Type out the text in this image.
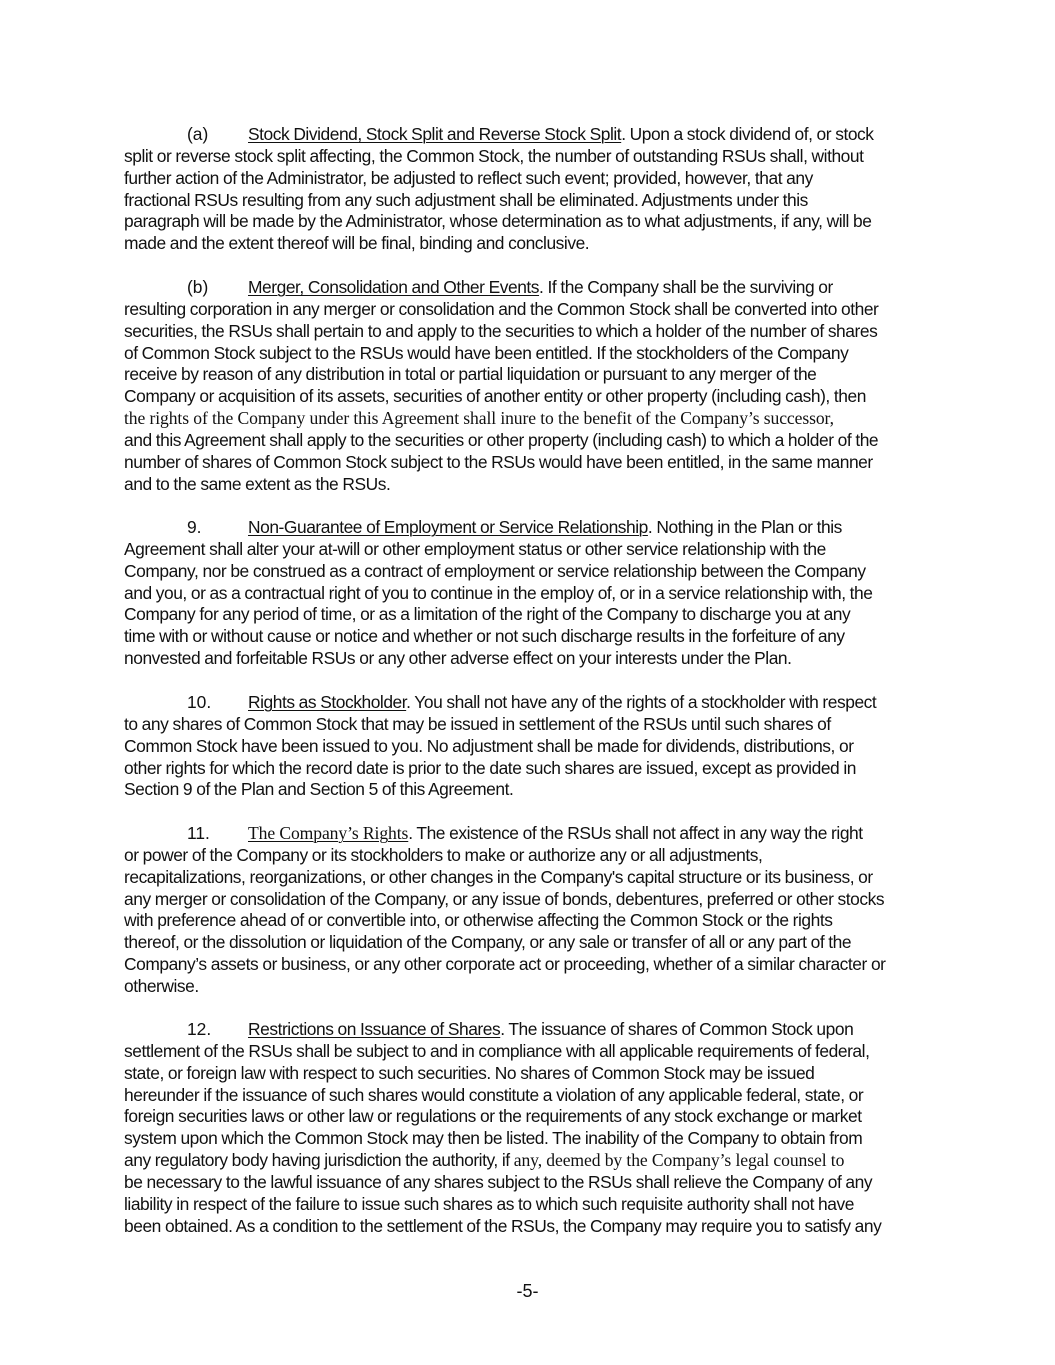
(a) Stock Dividend, Stock Split and Reverse Stock Split. Upon a stock dividend of, or stock
split or reverse stock split affecting, the Common Stock, the number of outstanding RSUs shall, without
further action of the Administrator, be adjusted to reflect such event; provided, however, that any
fractional RSUs resulting from any such adjustment shall be eliminated. Adjustments under this
paragraph will be made by the Administrator, whose determination as to what adjustments, if any, will be
made and the extent thereof will be final, binding and conclusive.
(b) Merger, Consolidation and Other Events. If the Company shall be the surviving or
resulting corporation in any merger or consolidation and the Common Stock shall be converted into other
securities, the RSUs shall pertain to and apply to the securities to which a holder of the number of shares
of Common Stock subject to the RSUs would have been entitled. If the stockholders of the Company
receive by reason of any distribution in total or partial liquidation or pursuant to any merger of the
Company or acquisition of its assets, securities of another entity or other property (including cash), then
the rights of the Company under this Agreement shall inure to the benefit of the Company’s successor,
and this Agreement shall apply to the securities or other property (including cash) to which a holder of the
number of shares of Common Stock subject to the RSUs would have been entitled, in the same manner
and to the same extent as the RSUs.
9.	Non-Guarantee of Employment or Service Relationship. Nothing in the Plan or this
Agreement shall alter your at-will or other employment status or other service relationship with the
Company, nor be construed as a contract of employment or service relationship between the Company
and you, or as a contractual right of you to continue in the employ of, or in a service relationship with, the
Company for any period of time, or as a limitation of the right of the Company to discharge you at any
time with or without cause or notice and whether or not such discharge results in the forfeiture of any
nonvested and forfeitable RSUs or any other adverse effect on your interests under the Plan.
10. Rights as Stockholder. You shall not have any of the rights of a stockholder with respect
to any shares of Common Stock that may be issued in settlement of the RSUs until such shares of
Common Stock have been issued to you. No adjustment shall be made for dividends, distributions, or
other rights for which the record date is prior to the date such shares are issued, except as provided in
Section 9 of the Plan and Section 5 of this Agreement.
11. The Company’s Rights. The existence of the RSUs shall not affect in any way the right
or power of the Company or its stockholders to make or authorize any or all adjustments,
recapitalizations, reorganizations, or other changes in the Company's capital structure or its business, or
any merger or consolidation of the Company, or any issue of bonds, debentures, preferred or other stocks
with preference ahead of or convertible into, or otherwise affecting the Common Stock or the rights
thereof, or the dissolution or liquidation of the Company, or any sale or transfer of all or any part of the
Company’s assets or business, or any other corporate act or proceeding, whether of a similar character or
otherwise.
12. Restrictions on Issuance of Shares. The issuance of shares of Common Stock upon
settlement of the RSUs shall be subject to and in compliance with all applicable requirements of federal,
state, or foreign law with respect to such securities. No shares of Common Stock may be issued
hereunder if the issuance of such shares would constitute a violation of any applicable federal, state, or
foreign securities laws or other law or regulations or the requirements of any stock exchange or market
system upon which the Common Stock may then be listed. The inability of the Company to obtain from
any regulatory body having jurisdiction the authority, if any, deemed by the Company’s legal counsel to
be necessary to the lawful issuance of any shares subject to the RSUs shall relieve the Company of any
liability in respect of the failure to issue such shares as to which such requisite authority shall not have
been obtained. As a condition to the settlement of the RSUs, the Company may require you to satisfy any
-5-
